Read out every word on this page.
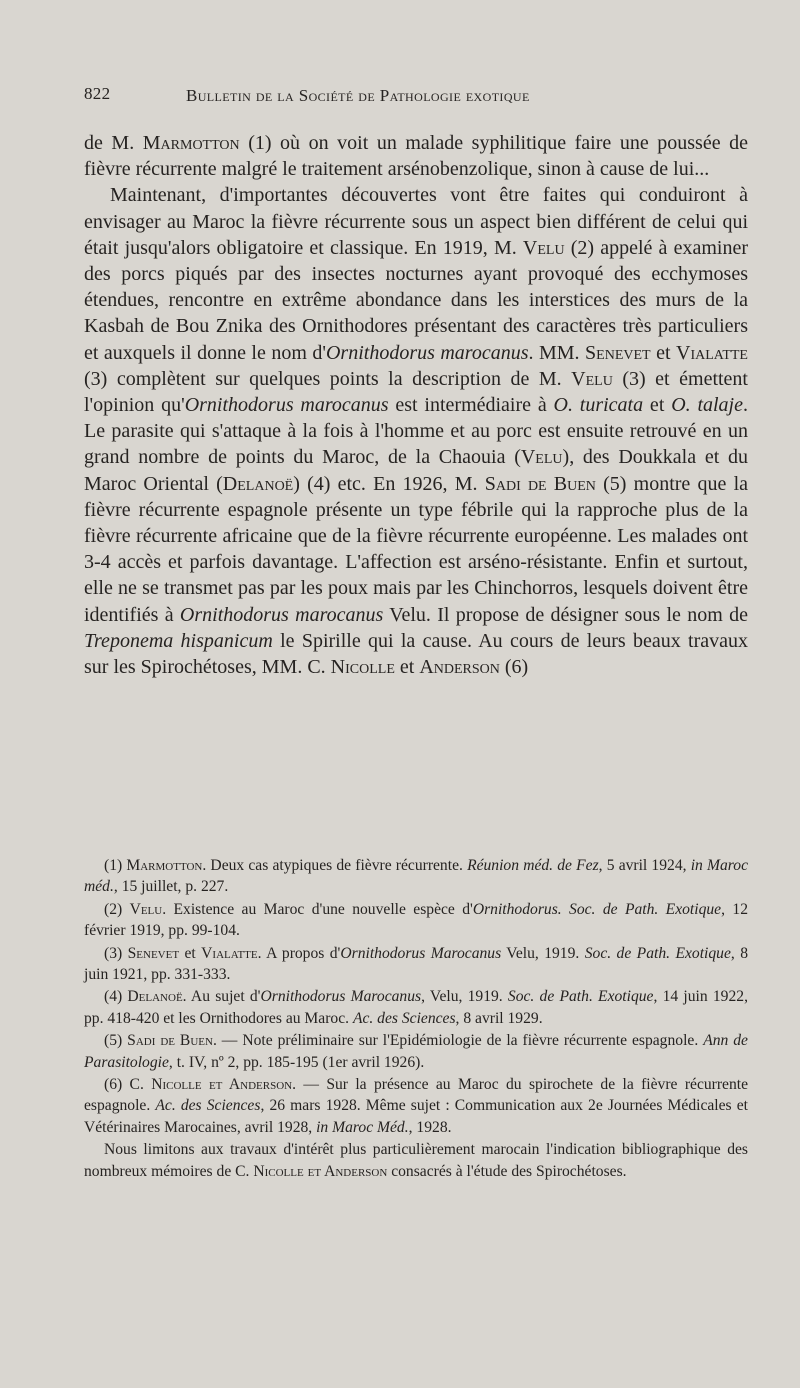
822	Bulletin de la Société de Pathologie exotique

de M. Marmotton (1) où on voit un malade syphilitique faire une poussée de fièvre récurrente malgré le traitement arsénobenzolique, sinon à cause de lui...

Maintenant, d'importantes découvertes vont être faites qui conduiront à envisager au Maroc la fièvre récurrente sous un aspect bien différent de celui qui était jusqu'alors obligatoire et classique. En 1919, M. Velu (2) appelé à examiner des porcs piqués par des insectes nocturnes ayant provoqué des ecchymoses étendues, rencontre en extrême abondance dans les interstices des murs de la Kasbah de Bou Znika des Ornithodores présentant des caractères très particuliers et auxquels il donne le nom d'Ornithodorus marocanus. MM. Senevet et Vialatte (3) complètent sur quelques points la description de M. Velu (3) et émettent l'opinion qu'Ornithodorus marocanus est intermédiaire à O. turicata et O. talaje. Le parasite qui s'attaque à la fois à l'homme et au porc est ensuite retrouvé en un grand nombre de points du Maroc, de la Chaouia (Velu), des Doukkala et du Maroc Oriental (Delanoë) (4) etc. En 1926, M. Sadi de Buen (5) montre que la fièvre récurrente espagnole présente un type fébrile qui la rapproche plus de la fièvre récurrente africaine que de la fièvre récurrente européenne. Les malades ont 3-4 accès et parfois davantage. L'affection est arséno-résistante. Enfin et surtout, elle ne se transmet pas par les poux mais par les Chinchorros, lesquels doivent être identifiés à Ornithodorus marocanus Velu. Il propose de désigner sous le nom de Treponema hispanicum le Spirille qui la cause. Au cours de leurs beaux travaux sur les Spirochétoses, MM. C. Nicolle et Anderson (6)

(1) Marmotton. Deux cas atypiques de fièvre récurrente. Réunion méd. de Fez, 5 avril 1924, in Maroc méd., 15 juillet, p. 227.

(2) Velu. Existence au Maroc d'une nouvelle espèce d'Ornithodorus. Soc. de Path. Exotique, 12 février 1919, pp. 99-104.

(3) Senevet et Vialatte. A propos d'Ornithodorus Marocanus Velu, 1919. Soc. de Path. Exotique, 8 juin 1921, pp. 331-333.

(4) Delanoë. Au sujet d'Ornithodorus Marocanus, Velu, 1919. Soc. de Path. Exotique, 14 juin 1922, pp. 418-420 et les Ornithodores au Maroc. Ac. des Sciences, 8 avril 1929.

(5) Sadi de Buen. — Note préliminaire sur l'Epidémiologie de la fièvre récurrente espagnole. Ann de Parasitologie, t. IV, nº 2, pp. 185-195 (1er avril 1926).

(6) C. Nicolle et Anderson. — Sur la présence au Maroc du spirochete de la fièvre récurrente espagnole. Ac. des Sciences, 26 mars 1928. Même sujet : Communication aux 2e Journées Médicales et Vétérinaires Marocaines, avril 1928, in Maroc Méd., 1928.

Nous limitons aux travaux d'intérêt plus particulièrement marocain l'indication bibliographique des nombreux mémoires de C. Nicolle et Anderson consacrés à l'étude des Spirochétoses.
